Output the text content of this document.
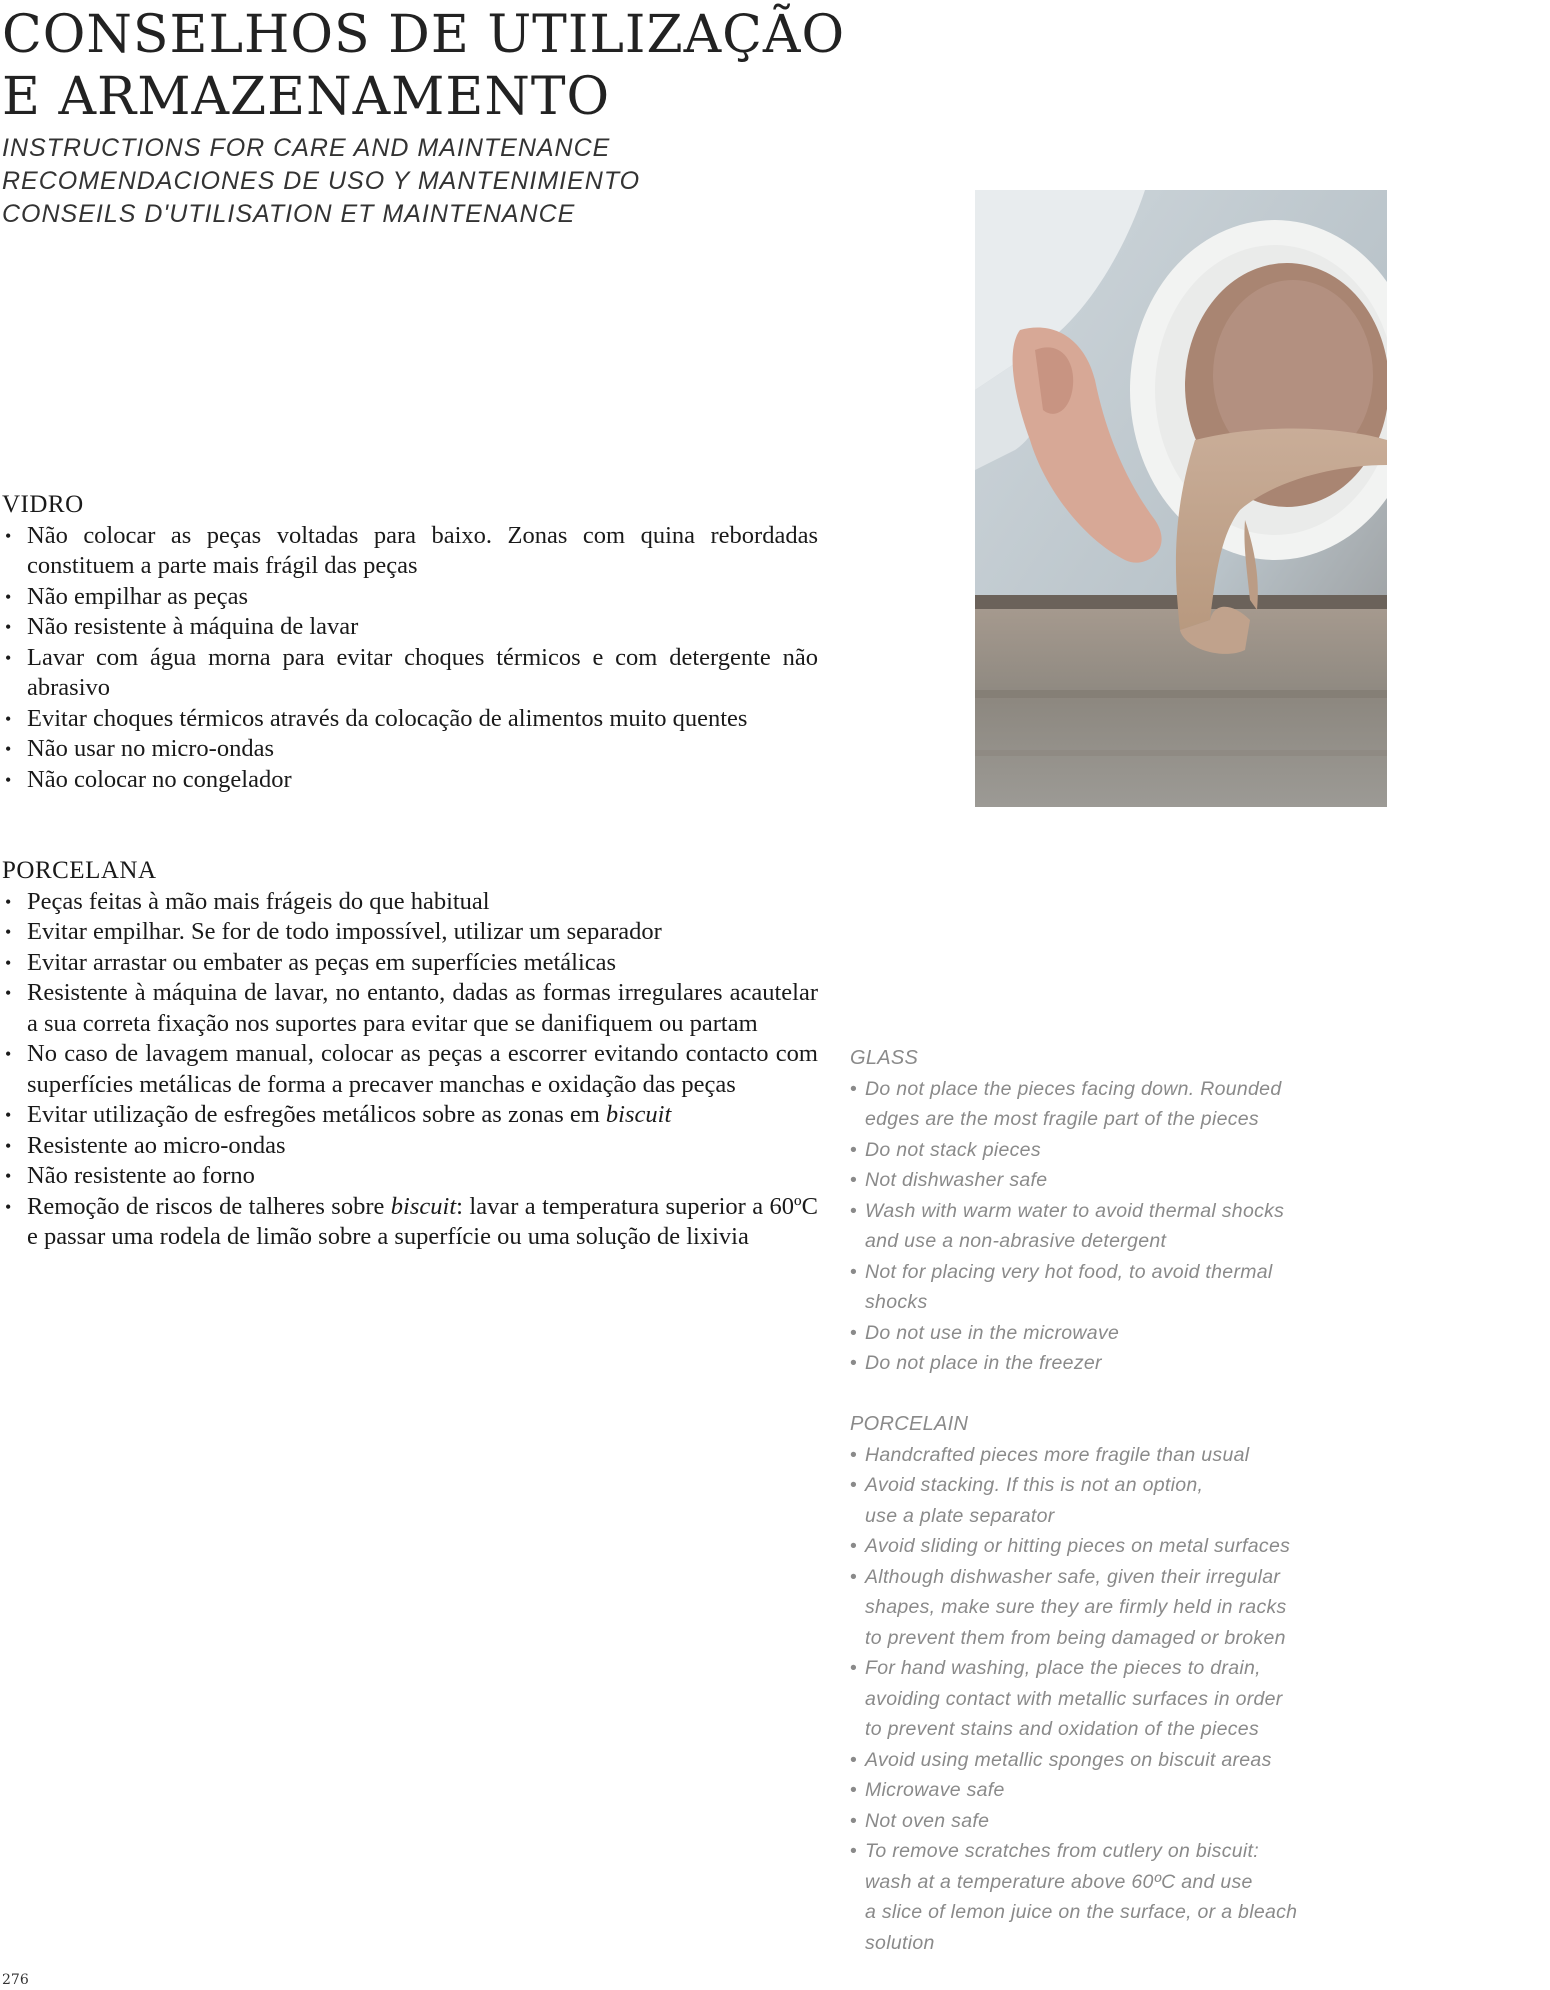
CONSELHOS DE UTILIZAÇÃO
E ARMAZENAMENTO
INSTRUCTIONS FOR CARE AND MAINTENANCE
RECOMENDACIONES DE USO Y MANTENIMIENTO
CONSEILS D'UTILISATION ET MAINTENANCE
VIDRO
• Não colocar as peças voltadas para baixo. Zonas com quina rebordadas constituem a parte mais frágil das peças
• Não empilhar as peças
• Não resistente à máquina de lavar
• Lavar com água morna para evitar choques térmicos e com detergente não abrasivo
• Evitar choques térmicos através da colocação de alimentos muito quentes
• Não usar no micro-ondas
• Não colocar no congelador
PORCELANA
• Peças feitas à mão mais frágeis do que habitual
• Evitar empilhar. Se for de todo impossível, utilizar um separador
• Evitar arrastar ou embater as peças em superfícies metálicas
• Resistente à máquina de lavar, no entanto, dadas as formas irregulares acautelar a sua correta fixação nos suportes para evitar que se danifiquem ou partam
• No caso de lavagem manual, colocar as peças a escorrer evitando contacto com superfícies metálicas de forma a precaver manchas e oxidação das peças
• Evitar utilização de esfregões metálicos sobre as zonas em biscuit
• Resistente ao micro-ondas
• Não resistente ao forno
• Remoção de riscos de talheres sobre biscuit: lavar a temperatura superior a 60ºC e passar uma rodela de limão sobre a superfície ou uma solução de lixivia
GLASS
• Do not place the pieces facing down. Rounded
edges are the most fragile part of the pieces
• Do not stack pieces
• Not dishwasher safe
• Wash with warm water to avoid thermal shocks
and use a non-abrasive detergent
• Not for placing very hot food, to avoid thermal
shocks
• Do not use in the microwave
• Do not place in the freezer
PORCELAIN
• Handcrafted pieces more fragile than usual
• Avoid stacking. If this is not an option,
use a plate separator
• Avoid sliding or hitting pieces on metal surfaces
• Although dishwasher safe, given their irregular
shapes, make sure they are firmly held in racks
to prevent them from being damaged or broken
• For hand washing, place the pieces to drain,
avoiding contact with metallic surfaces in order
to prevent stains and oxidation of the pieces
• Avoid using metallic sponges on biscuit areas
• Microwave safe
• Not oven safe
• To remove scratches from cutlery on biscuit:
wash at a temperature above 60ºC and use
a slice of lemon juice on the surface, or a bleach
solution
276
